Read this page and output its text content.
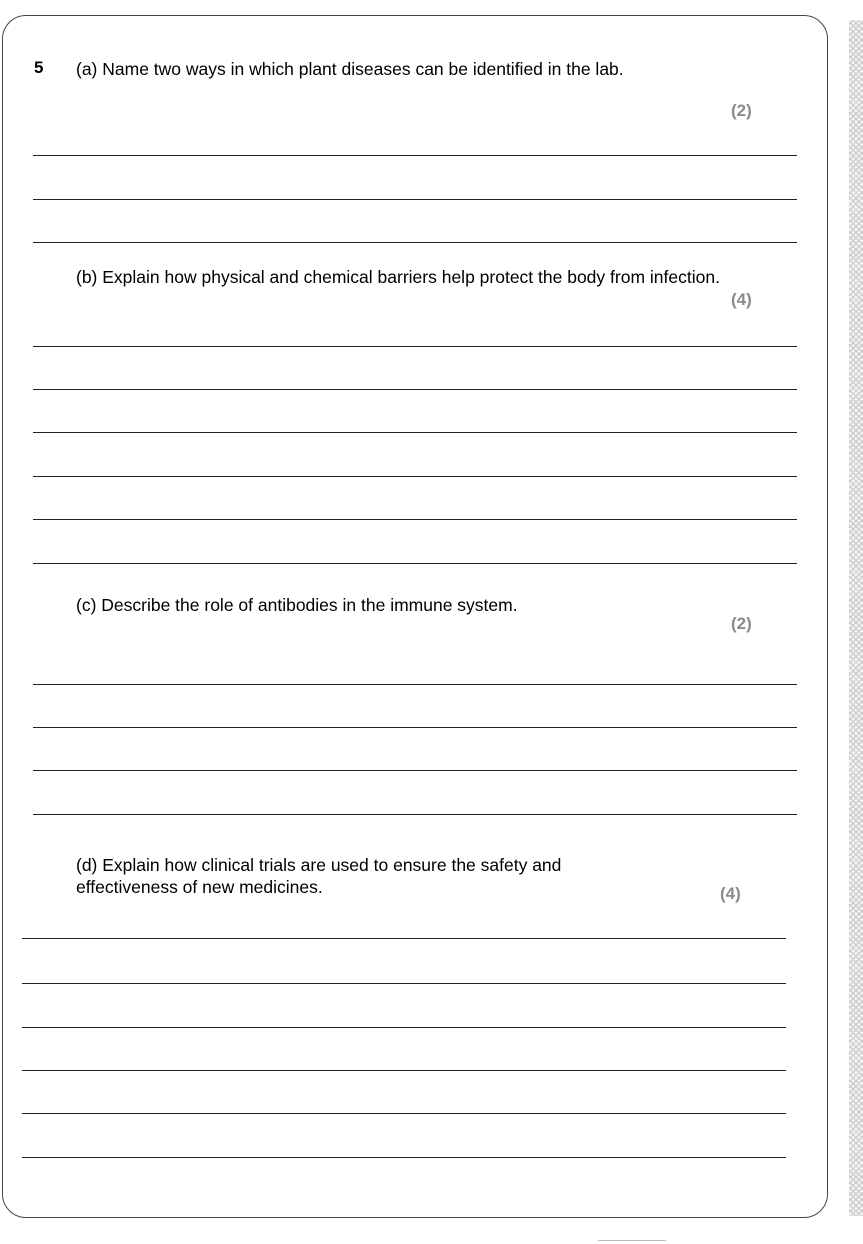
5 (a) Name two ways in which plant diseases can be identified in the lab.
(2)
(b) Explain how physical and chemical barriers help protect the body from infection.
(4)
(c) Describe the role of antibodies in the immune system.
(2)
(d) Explain how clinical trials are used to ensure the safety and effectiveness of new medicines.	(4)
